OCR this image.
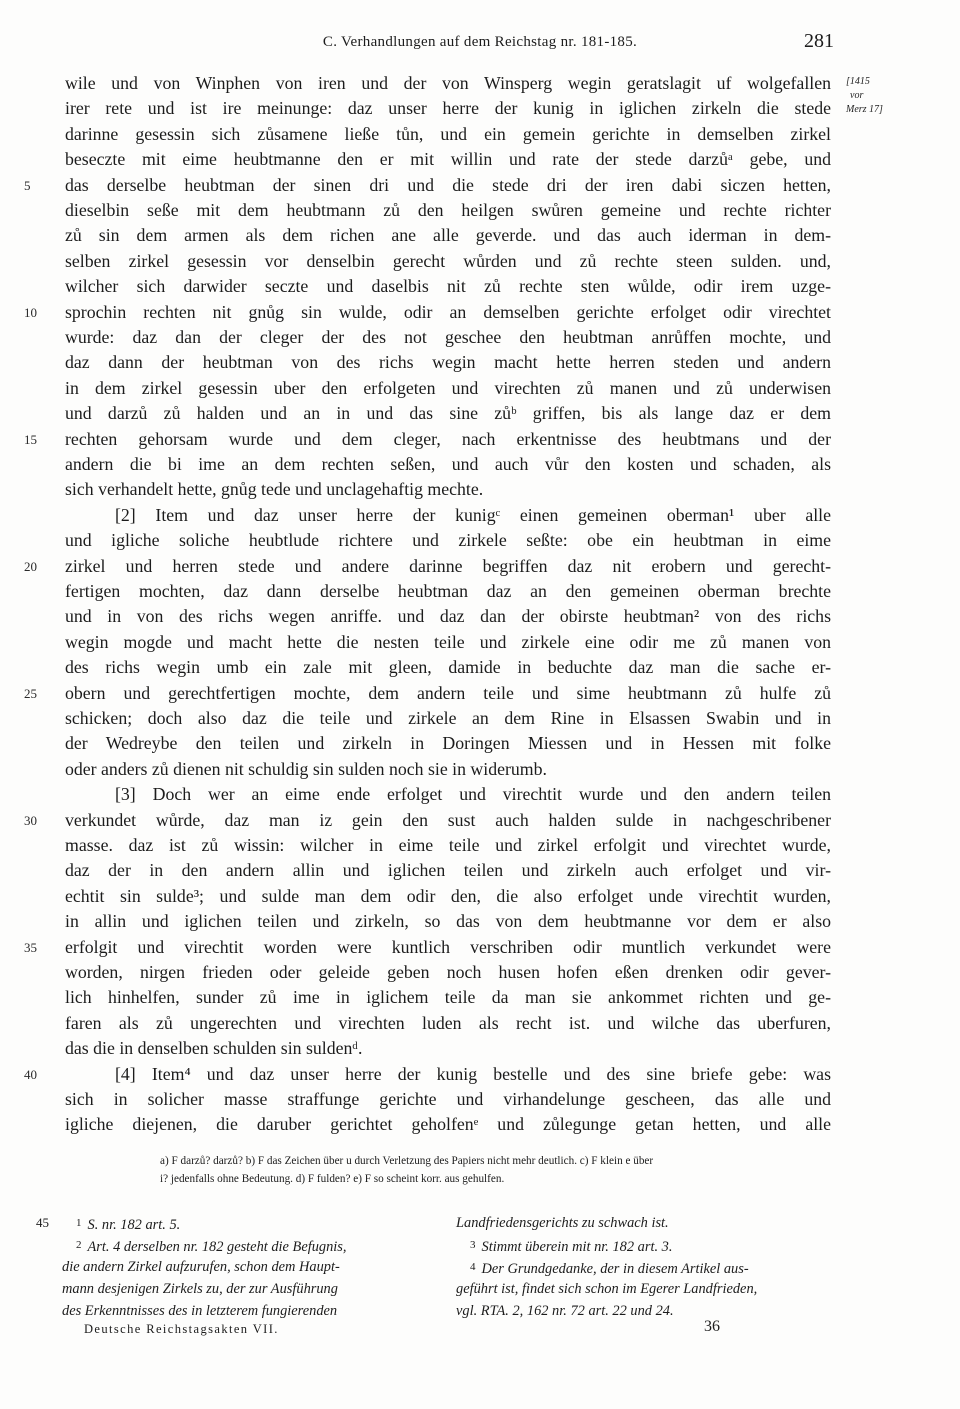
C. Verhandlungen auf dem Reichstag nr. 181-185.	281
[1415
vor
Merz 17]
wile und von Winphen von iren und der von Winsperg wegin geratslagit uf wolgefallen
irer rete und ist ire meinunge: daz unser herre der kunig in iglichen zirkeln die stede
darinne gesessin sich zůsamene ließe tůn, und ein gemein gerichte in demselben zirkel
beseczte mit eime heubtmanne den er mit willin und rate der stede darzůᵃ gebe, und
das derselbe heubtman der sinen dri und die stede dri der iren dabi siczen hetten,
5
dieselbin seße mit dem heubtmann zů den heilgen swůren gemeine und rechte richter
zů sin dem armen als dem richen ane alle geverde. und das auch iderman in dem-
selben zirkel gesessin vor denselbin gerecht wůrden und zů rechte steen sulden. und,
wilcher sich darwider seczte und daselbis nit zů rechte sten wůlde, odir irem uzge-
sprochin rechten nit gnůg sin wulde, odir an demselben gerichte erfolget odir virechtet
10
wurde: daz dan der cleger der des not geschee den heubtman anrůffen mochte, und
daz dann der heubtman von des richs wegin macht hette herren steden und andern
in dem zirkel gesessin uber den erfolgeten und virechten zů manen und zů underwisen
und darzů zů halden und an in und das sine zůᵇ griffen, bis als lange daz er dem
rechten gehorsam wurde und dem cleger, nach erkentnisse des heubtmans und der
15
andern die bi ime an dem rechten seßen, und auch vůr den kosten und schaden, als
sich verhandelt hette, gnůg tede und unclagehaftig mechte.
[2] Item und daz unser herre der kunigᶜ einen gemeinen oberman¹ uber alle
und igliche soliche heubtlude richtere und zirkele seßte: obe ein heubtman in eime
zirkel und herren stede und andere darinne begriffen daz nit erobern und gerecht-
20
fertigen mochten, daz dann derselbe heubtman daz an den gemeinen oberman brechte
und in von des richs wegen anriffe. und daz dan der obirste heubtman² von des richs
wegin mogde und macht hette die nesten teile und zirkele eine odir me zů manen von
des richs wegin umb ein zale mit gleen, damide in beduchte daz man die sache er-
obern und gerechtfertigen mochte, dem andern teile und sime heubtmann zů hulfe zů
25
schicken; doch also daz die teile und zirkele an dem Rine in Elsassen Swabin und in
der Wedreybe den teilen und zirkeln in Doringen Miessen und in Hessen mit folke
oder anders zů dienen nit schuldig sin sulden noch sie in widerumb.
[3] Doch wer an eime ende erfolget und virechtit wurde und den andern teilen
verkundet wůrde, daz man iz gein den sust auch halden sulde in nachgeschribener
30
masse. daz ist zů wissin: wilcher in eime teile und zirkel erfolgit und virechtet wurde,
daz der in den andern allin und iglichen teilen und zirkeln auch erfolget und vir-
echtit sin sulde³; und sulde man dem odir den, die also erfolget unde virechtit wurden,
in allin und iglichen teilen und zirkeln, so das von dem heubtmanne vor dem er also
erfolgit und virechtit worden were kuntlich verschriben odir muntlich verkundet were
35
worden, nirgen frieden oder geleide geben noch husen hofen eßen drenken odir gever-
lich hinhelfen, sunder zů ime in iglichem teile da man sie ankommet richten und ge-
faren als zů ungerechten und virechten luden als recht ist. und wilche das uberfuren,
das die in denselben schulden sin suldenᵈ.
[4] Item⁴ und daz unser herre der kunig bestelle und des sine briefe gebe: was
40
sich in solicher masse straffunge gerichte und virhandelunge gescheen, das alle und
igliche diejenen, die daruber gerichtet geholfenᵉ und zůlegunge getan hetten, und alle
a) F darzů? darzů? b) F das Zeichen über u durch Verletzung des Papiers nicht mehr deutlich. c) F klein e über
i? jedenfalls ohne Bedeutung. d) F fulden? e) F so scheint korr. aus gehulfen.
45	$^1$ S. nr. 182 art. 5.
$^2$ Art. 4 derselben nr. 182 gesteht die Befugnis,
die andern Zirkel aufzurufen, schon dem Haupt-
mann desjenigen Zirkels zu, der zur Ausführung
des Erkenntnisses des in letzterem fungierenden
Landfriedensgerichts zu schwach ist.
$^3$ Stimmt überein mit nr. 182 art. 3.
$^4$ Der Grundgedanke, der in diesem Artikel aus-
geführt ist, findet sich schon im Egerer Landfrieden,
vgl. RTA. 2, 162 nr. 72 art. 22 und 24.
Deutsche Reichstagsakten VII.	36
